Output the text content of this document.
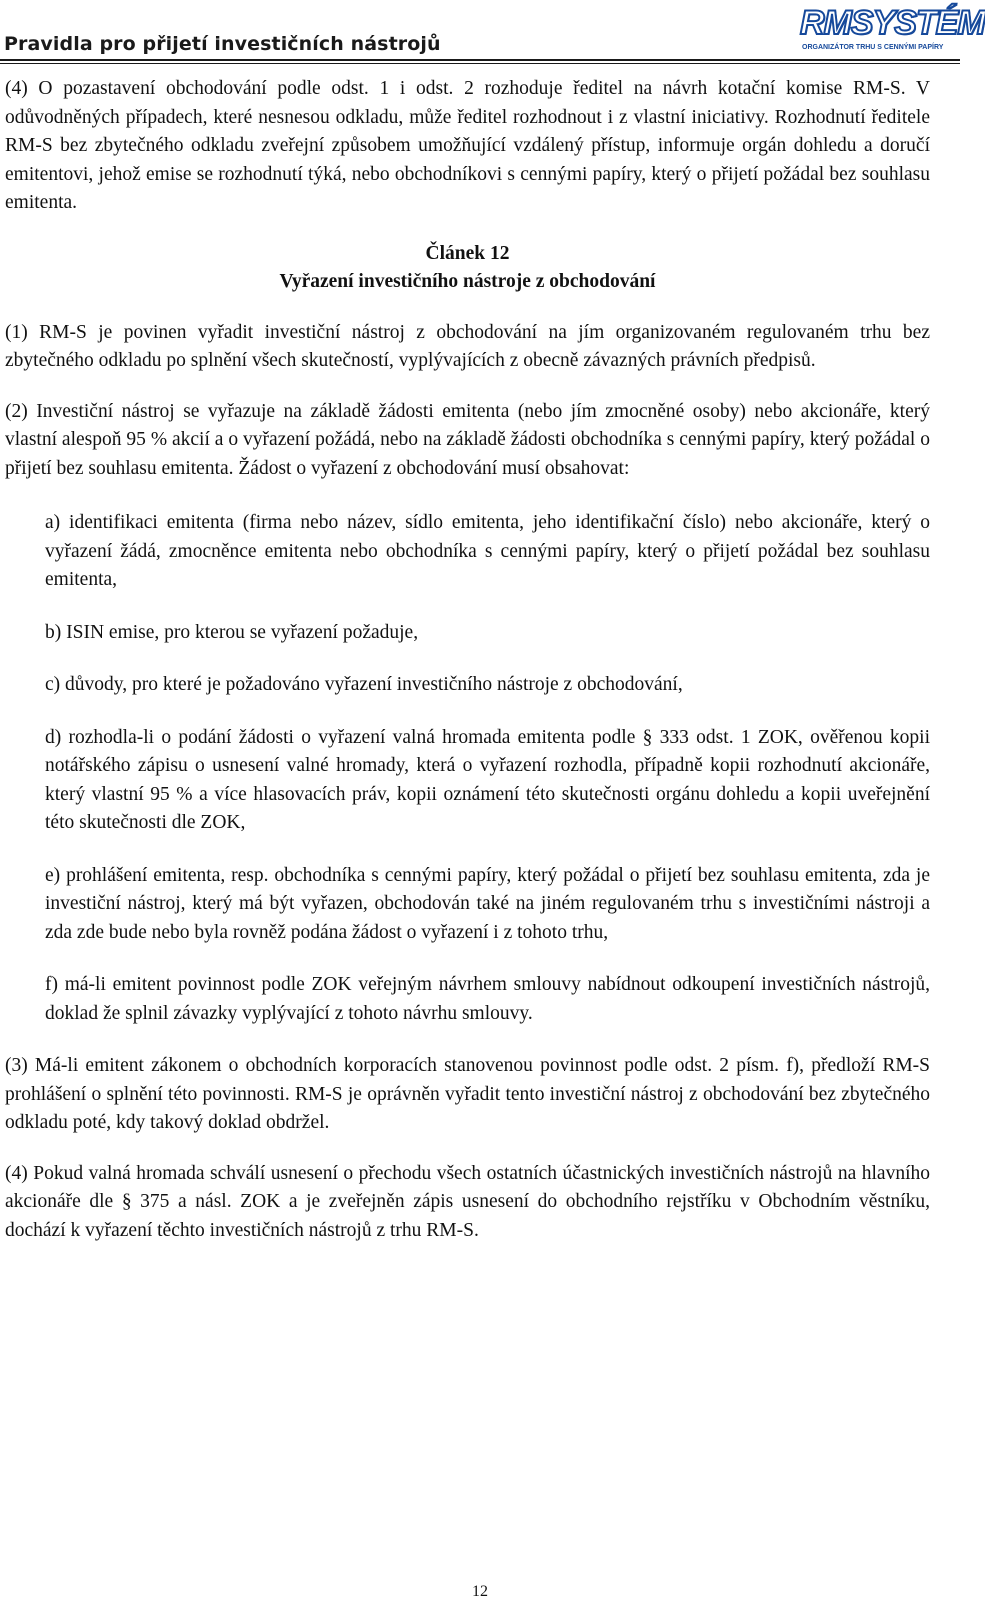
Pravidla pro přijetí investičních nástrojů
RMSYSTÉM
ORGANIZÁTOR TRHU S CENNÝMI PAPÍRY

(4) O pozastavení obchodování podle odst. 1 i odst. 2 rozhoduje ředitel na návrh kotační komise RM-S. V odůvodněných případech, které nesnesou odkladu, může ředitel rozhodnout i z vlastní iniciativy. Rozhodnutí ředitele RM-S bez zbytečného odkladu zveřejní způsobem umožňující vzdálený přístup, informuje orgán dohledu a doručí emitentovi, jehož emise se rozhodnutí týká, nebo obchodníkovi s cennými papíry, který o přijetí požádal bez souhlasu emitenta.

Článek 12
Vyřazení investičního nástroje z obchodování

(1) RM-S je povinen vyřadit investiční nástroj z obchodování na jím organizovaném regulovaném trhu bez zbytečného odkladu po splnění všech skutečností, vyplývajících z obecně závazných právních předpisů.

(2) Investiční nástroj se vyřazuje na základě žádosti emitenta (nebo jím zmocněné osoby) nebo akcionáře, který vlastní alespoň 95 % akcií a o vyřazení požádá, nebo na základě žádosti obchodníka s cennými papíry, který požádal o přijetí bez souhlasu emitenta. Žádost o vyřazení z obchodování musí obsahovat:

a) identifikaci emitenta (firma nebo název, sídlo emitenta, jeho identifikační číslo) nebo akcionáře, který o vyřazení žádá, zmocněnce emitenta nebo obchodníka s cennými papíry, který o přijetí požádal bez souhlasu emitenta,
b) ISIN emise, pro kterou se vyřazení požaduje,
c) důvody, pro které je požadováno vyřazení investičního nástroje z obchodování,
d) rozhodla-li o podání žádosti o vyřazení valná hromada emitenta podle § 333 odst. 1 ZOK, ověřenou kopii notářského zápisu o usnesení valné hromady, která o vyřazení rozhodla, případně kopii rozhodnutí akcionáře, který vlastní 95 % a více hlasovacích práv, kopii oznámení této skutečnosti orgánu dohledu a kopii uveřejnění této skutečnosti dle ZOK,
e) prohlášení emitenta, resp. obchodníka s cennými papíry, který požádal o přijetí bez souhlasu emitenta, zda je investiční nástroj, který má být vyřazen, obchodován také na jiném regulovaném trhu s investičními nástroji a zda zde bude nebo byla rovněž podána žádost o vyřazení i z tohoto trhu,
f) má-li emitent povinnost podle ZOK veřejným návrhem smlouvy nabídnout odkoupení investičních nástrojů, doklad že splnil závazky vyplývající z tohoto návrhu smlouvy.

(3) Má-li emitent zákonem o obchodních korporacích stanovenou povinnost podle odst. 2 písm. f), předloží RM-S prohlášení o splnění této povinnosti. RM-S je oprávněn vyřadit tento investiční nástroj z obchodování bez zbytečného odkladu poté, kdy takový doklad obdržel.

(4) Pokud valná hromada schválí usnesení o přechodu všech ostatních účastnických investičních nástrojů na hlavního akcionáře dle § 375 a násl. ZOK a je zveřejněn zápis usnesení do obchodního rejstříku v Obchodním věstníku, dochází k vyřazení těchto investičních nástrojů z trhu RM-S.

12
